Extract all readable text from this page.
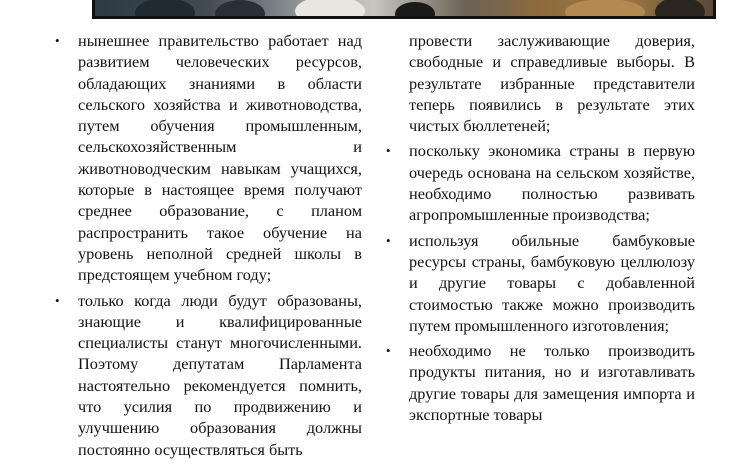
• нынешнее правительство работает над развитием человеческих ресурсов, обладающих знаниями в области сельского хозяйства и животноводства, путем обучения промышленным, сельскохозяйственным и животноводческим навыкам учащихся, которые в настоящее время получают среднее образование, с планом распространить такое обучение на уровень неполной средней школы в предстоящем учебном году;
• только когда люди будут образованы, знающие и квалифицированные специалисты станут многочисленными. Поэтому депутатам Парламента настоятельно рекомендуется помнить, что усилия по продвижению и улучшению образования должны постоянно осуществляться быть
провести заслуживающие доверия, свободные и справедливые выборы. В результате избранные представители теперь появились в результате этих чистых бюллетеней;
• поскольку экономика страны в первую очередь основана на сельском хозяйстве, необходимо полностью развивать агропромышленные производства;
• используя обильные бамбуковые ресурсы страны, бамбуковую целлюлозу и другие товары с добавленной стоимостью также можно производить путем промышленного изготовления;
• необходимо не только производить продукты питания, но и изготавливать другие товары для замещения импорта и экспортные товары
